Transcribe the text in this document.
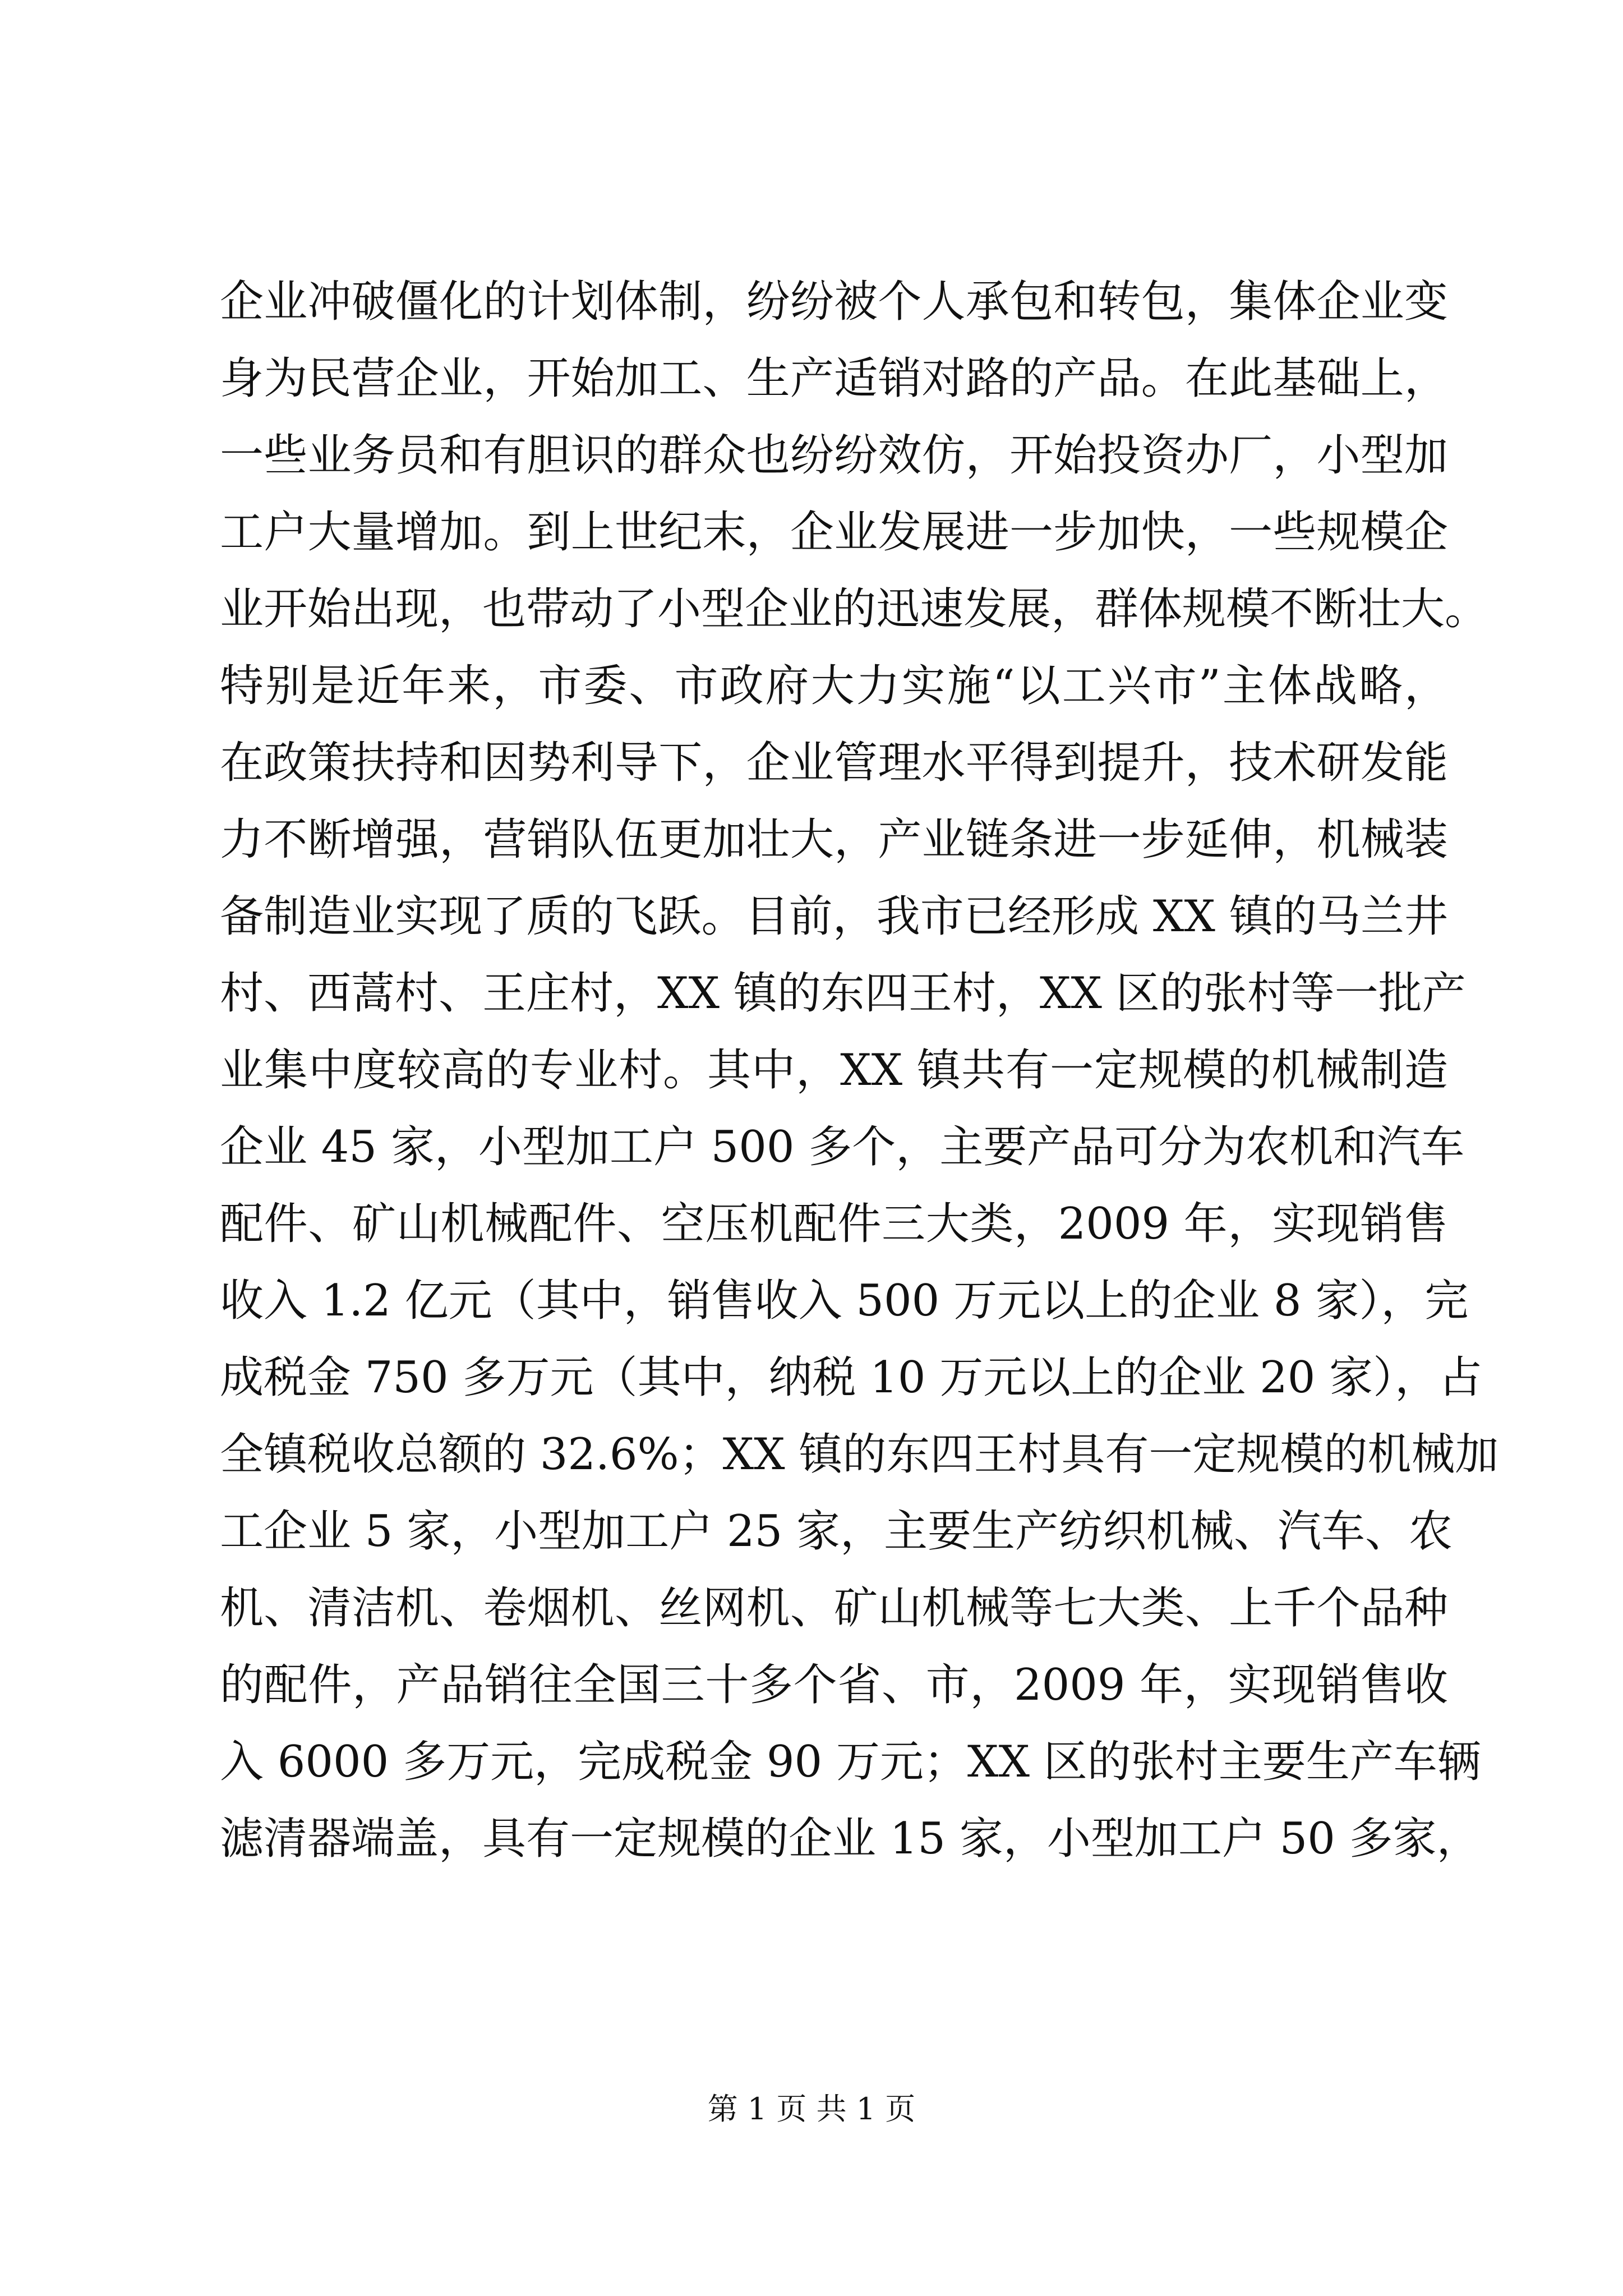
企业冲破僵化的计划体制，纷纷被个人承包和转包，集体企业变
身为民营企业，开始加工、生产适销对路的产品。在此基础上，
一些业务员和有胆识的群众也纷纷效仿，开始投资办厂，小型加
工户大量增加。到上世纪末，企业发展进一步加快，一些规模企
业开始出现，也带动了小型企业的迅速发展，群体规模不断壮大。
特别是近年来，市委、市政府大力实施“以工兴市”主体战略，
在政策扶持和因势利导下，企业管理水平得到提升，技术研发能
力不断增强，营销队伍更加壮大，产业链条进一步延伸，机械装
备制造业实现了质的飞跃。目前，我市已经形成 XX 镇的马兰井
村、西蒿村、王庄村，XX 镇的东四王村，XX 区的张村等一批产
业集中度较高的专业村。其中，XX 镇共有一定规模的机械制造
企业 45 家，小型加工户 500 多个，主要产品可分为农机和汽车
配件、矿山机械配件、空压机配件三大类，2009 年，实现销售
收入 1.2 亿元（其中，销售收入 500 万元以上的企业 8 家），完
成税金 750 多万元（其中，纳税 10 万元以上的企业 20 家），占
全镇税收总额的 32.6%；XX 镇的东四王村具有一定规模的机械加
工企业 5 家，小型加工户 25 家，主要生产纺织机械、汽车、农
机、清洁机、卷烟机、丝网机、矿山机械等七大类、上千个品种
的配件，产品销往全国三十多个省、市，2009 年，实现销售收
入 6000 多万元，完成税金 90 万元；XX 区的张村主要生产车辆
滤清器端盖，具有一定规模的企业 15 家，小型加工户 50 多家，
第 1 页 共 1 页
